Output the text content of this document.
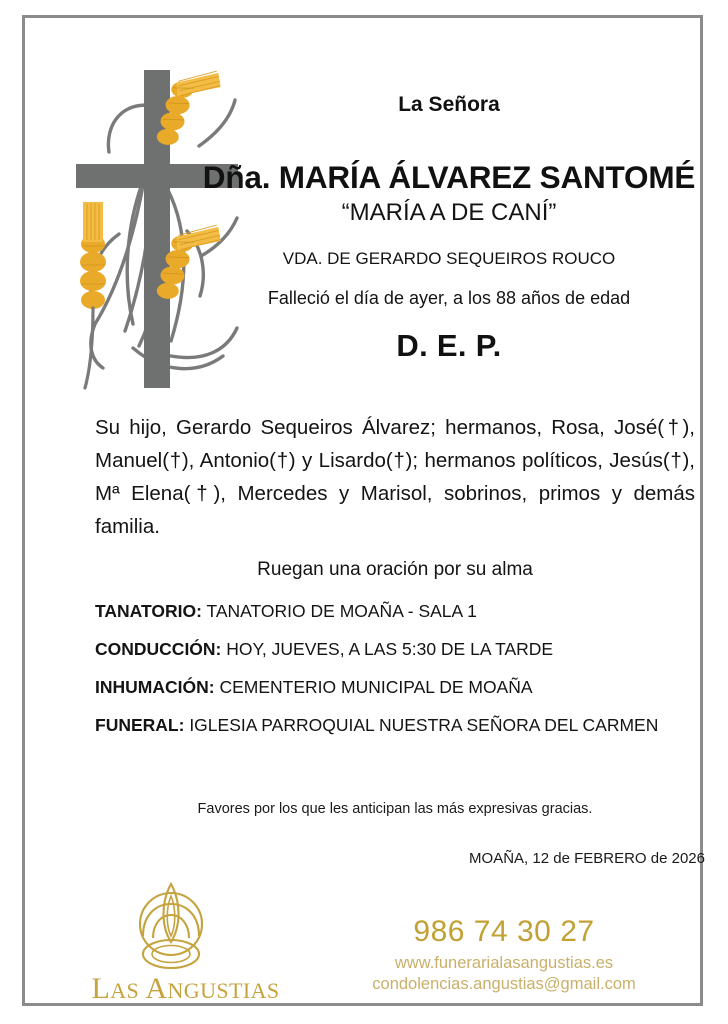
La Señora
Dña. MARÍA ÁLVAREZ SANTOMÉ
“MARÍA A DE CANÍ”
VDA. DE GERARDO SEQUEIROS ROUCO
Falleció el día de ayer, a los 88 años de edad
D. E. P.
Su hijo, Gerardo Sequeiros Álvarez; hermanos, Rosa, José(†), Manuel(†), Antonio(†) y Lisardo(†); hermanos políticos, Jesús(†), Mª Elena(†), Mercedes y Marisol, sobrinos, primos y demás familia.
Ruegan una oración por su alma
TANATORIO: TANATORIO DE MOAÑA - SALA 1
CONDUCCIÓN: HOY, JUEVES, A LAS 5:30 DE LA TARDE
INHUMACIÓN: CEMENTERIO MUNICIPAL DE MOAÑA
FUNERAL: IGLESIA PARROQUIAL NUESTRA SEÑORA DEL CARMEN
Favores por los que les anticipan las más expresivas gracias.
MOAÑA, 12 de FEBRERO de 2026
LAS ANGUSTIAS
986 74 30 27
www.funerarialasangustias.es
condolencias.angustias@gmail.com
